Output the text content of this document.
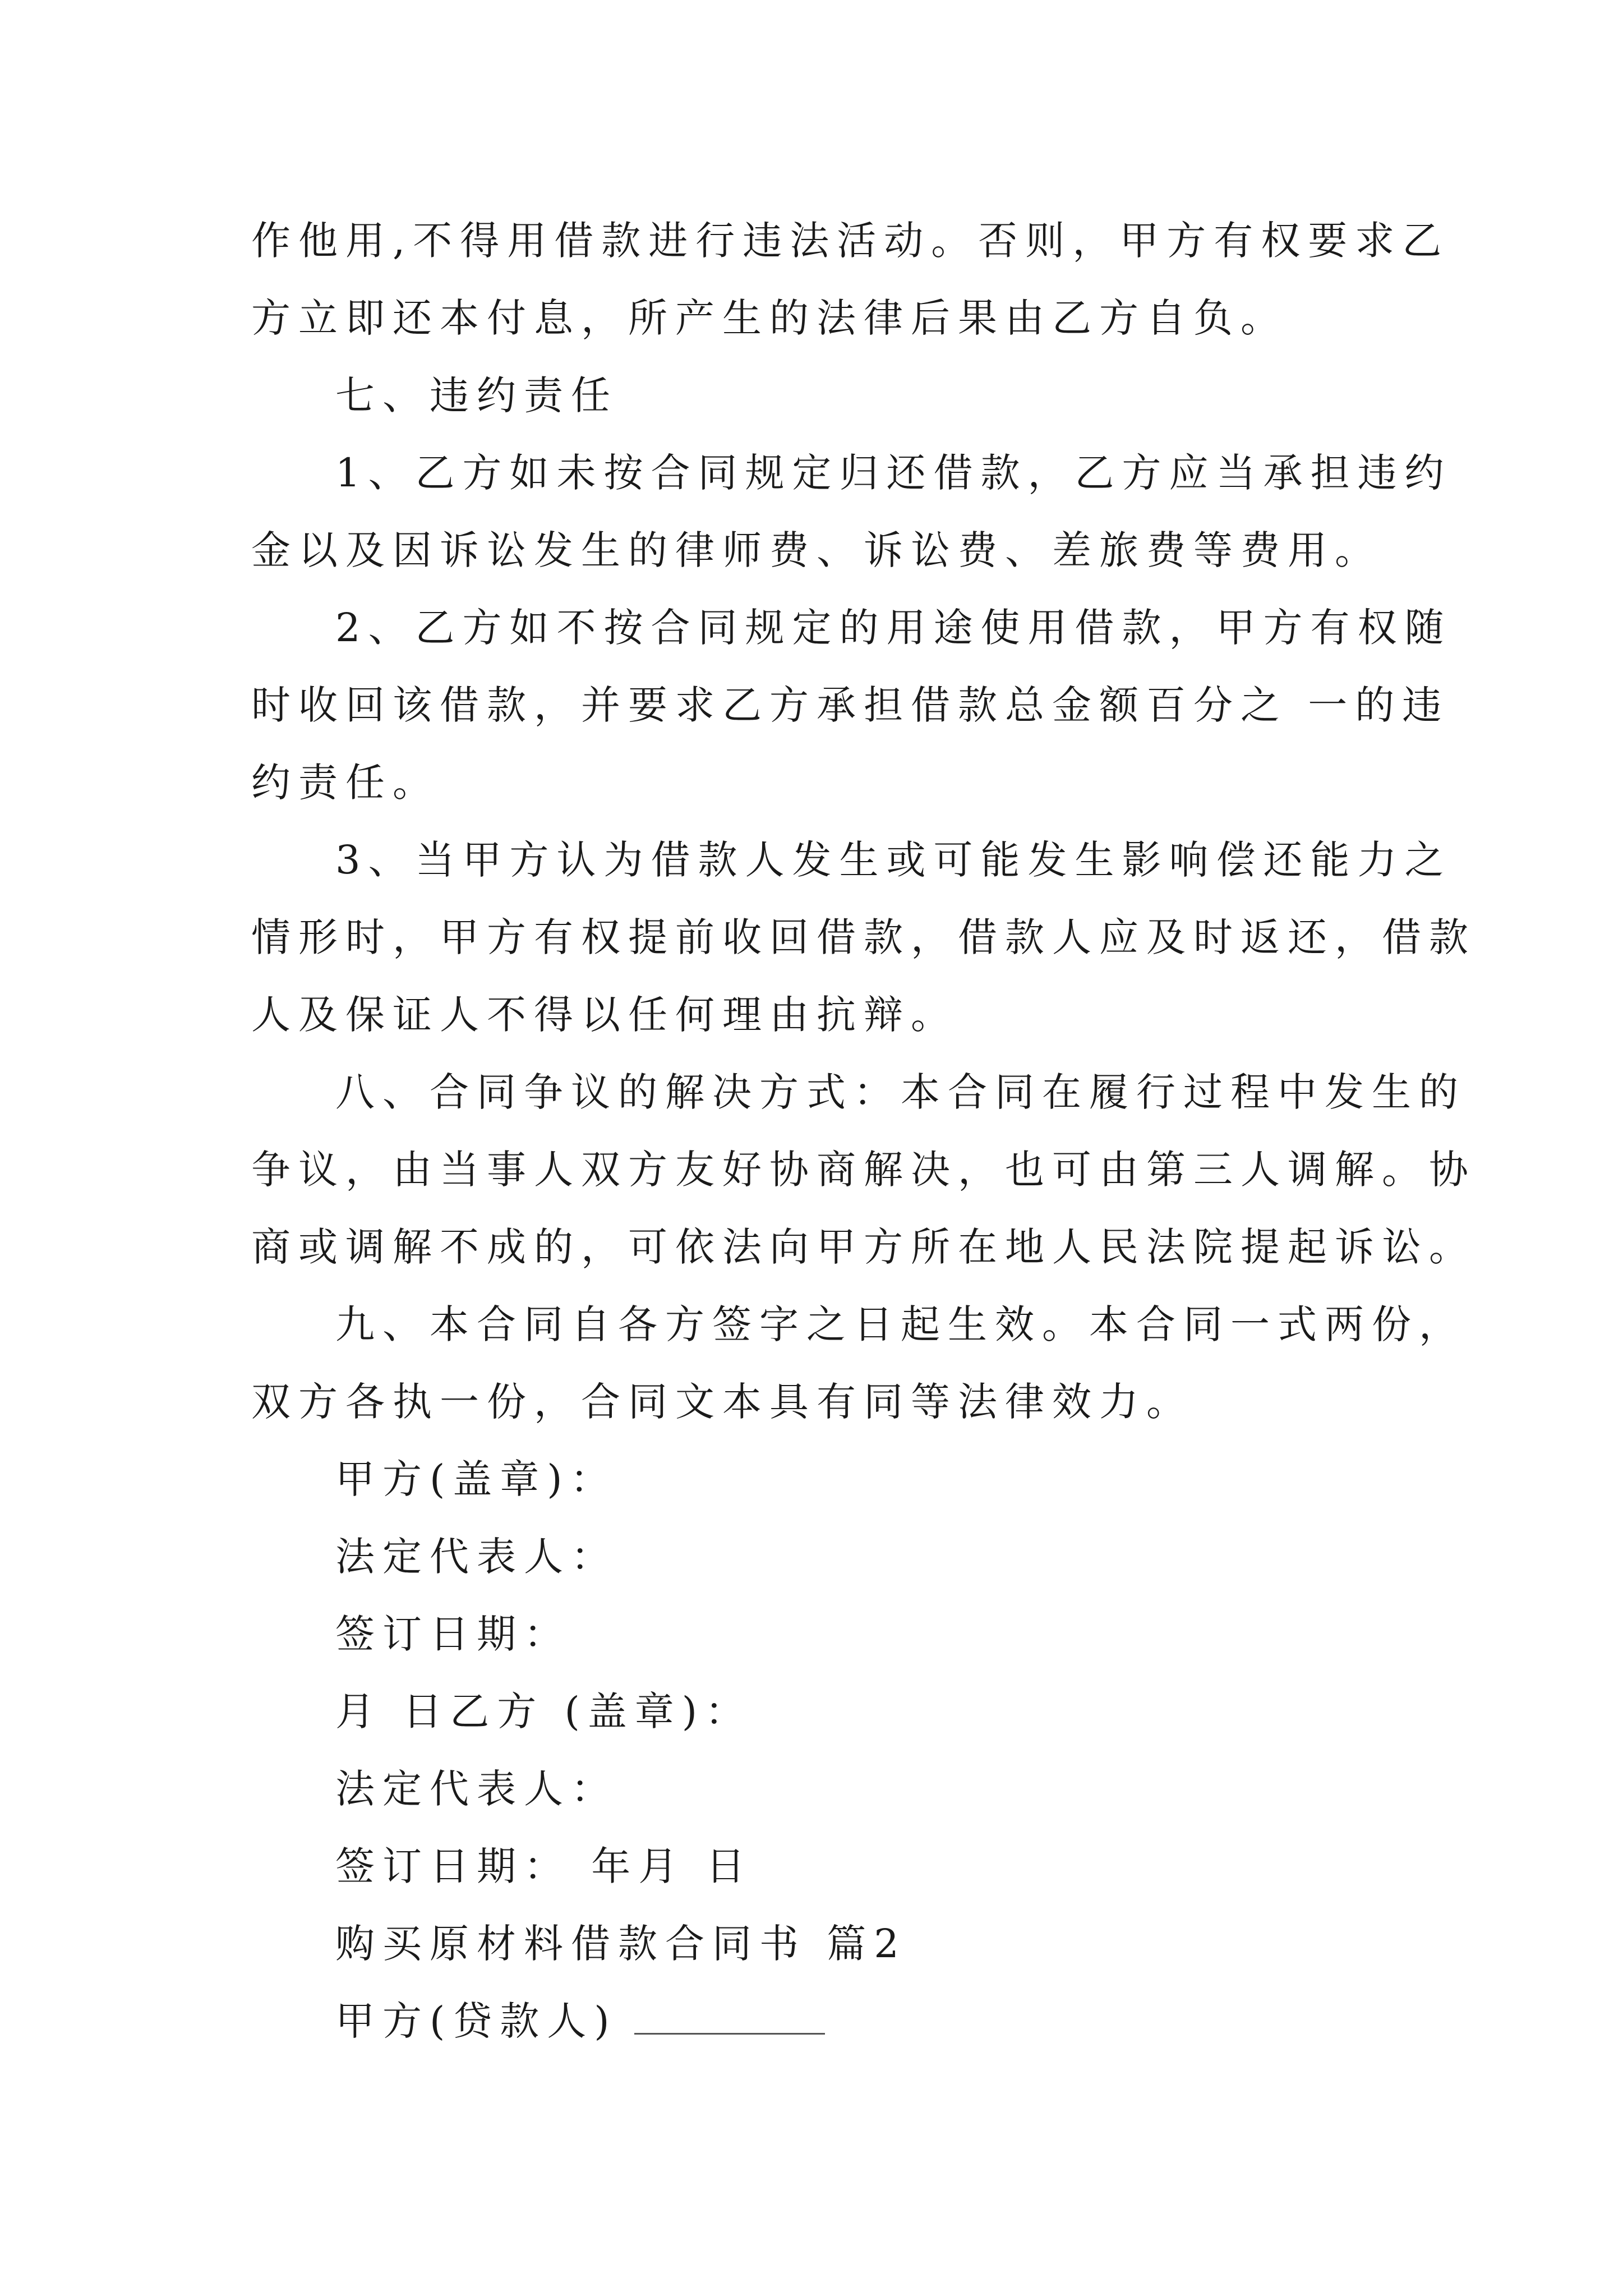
作他用,不得用借款进行违法活动。否则，甲方有权要求乙
方立即还本付息，所产生的法律后果由乙方自负。
七、违约责任
1、乙方如未按合同规定归还借款，乙方应当承担违约
金以及因诉讼发生的律师费、诉讼费、差旅费等费用。
2、乙方如不按合同规定的用途使用借款，甲方有权随
时收回该借款，并要求乙方承担借款总金额百分之 一的违
约责任。
3、当甲方认为借款人发生或可能发生影响偿还能力之
情形时，甲方有权提前收回借款，借款人应及时返还，借款
人及保证人不得以任何理由抗辩。
八、合同争议的解决方式：本合同在履行过程中发生的
争议，由当事人双方友好协商解决，也可由第三人调解。协
商或调解不成的，可依法向甲方所在地人民法院提起诉讼。
九、本合同自各方签字之日起生效。本合同一式两份，
双方各执一份，合同文本具有同等法律效力。
甲方(盖章)：
法定代表人：
签订日期：
月 日乙方 (盖章)：
法定代表人：
签订日期： 年月 日
购买原材料借款合同书 篇2
甲方(贷款人)
